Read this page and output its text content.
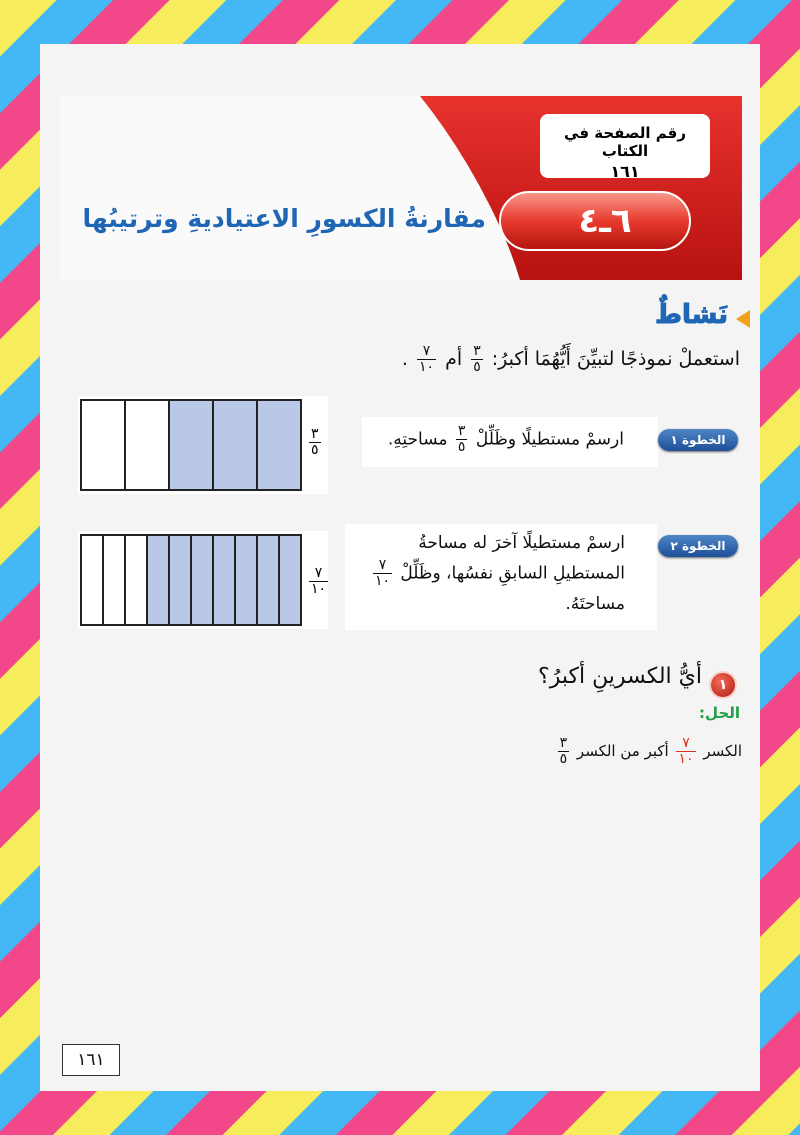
رقم الصفحة في الكتاب
١٦١
٦ـ٤
مقارنةُ الكسورِ الاعتياديةِ وترتيبُها
نَشاطٌ
استعملْ نموذجًا لتبيِّنَ أَيُّهُمَا أكبرُ:
$\frac{٣}{٥}$
أم
$\frac{٧}{١٠}$
.
الخطوة ١
ارسمْ مستطيلًا وظَلِّلْ
$\frac{٣}{٥}$
مساحتِهِ.
$\frac{٣}{٥}$
الخطوة ٢
ارسمْ مستطيلًا آخرَ له مساحةُ
المستطيلِ السابقِ نفسُها، وظَلِّلْ
$\frac{٧}{١٠}$
مساحتَهُ.
$\frac{٧}{١٠}$
١
أيُّ الكسرينِ أكبرُ؟
الحل:
الكسر
$\frac{٧}{١٠}$
أكبر من الكسر
$\frac{٣}{٥}$
١٦١
